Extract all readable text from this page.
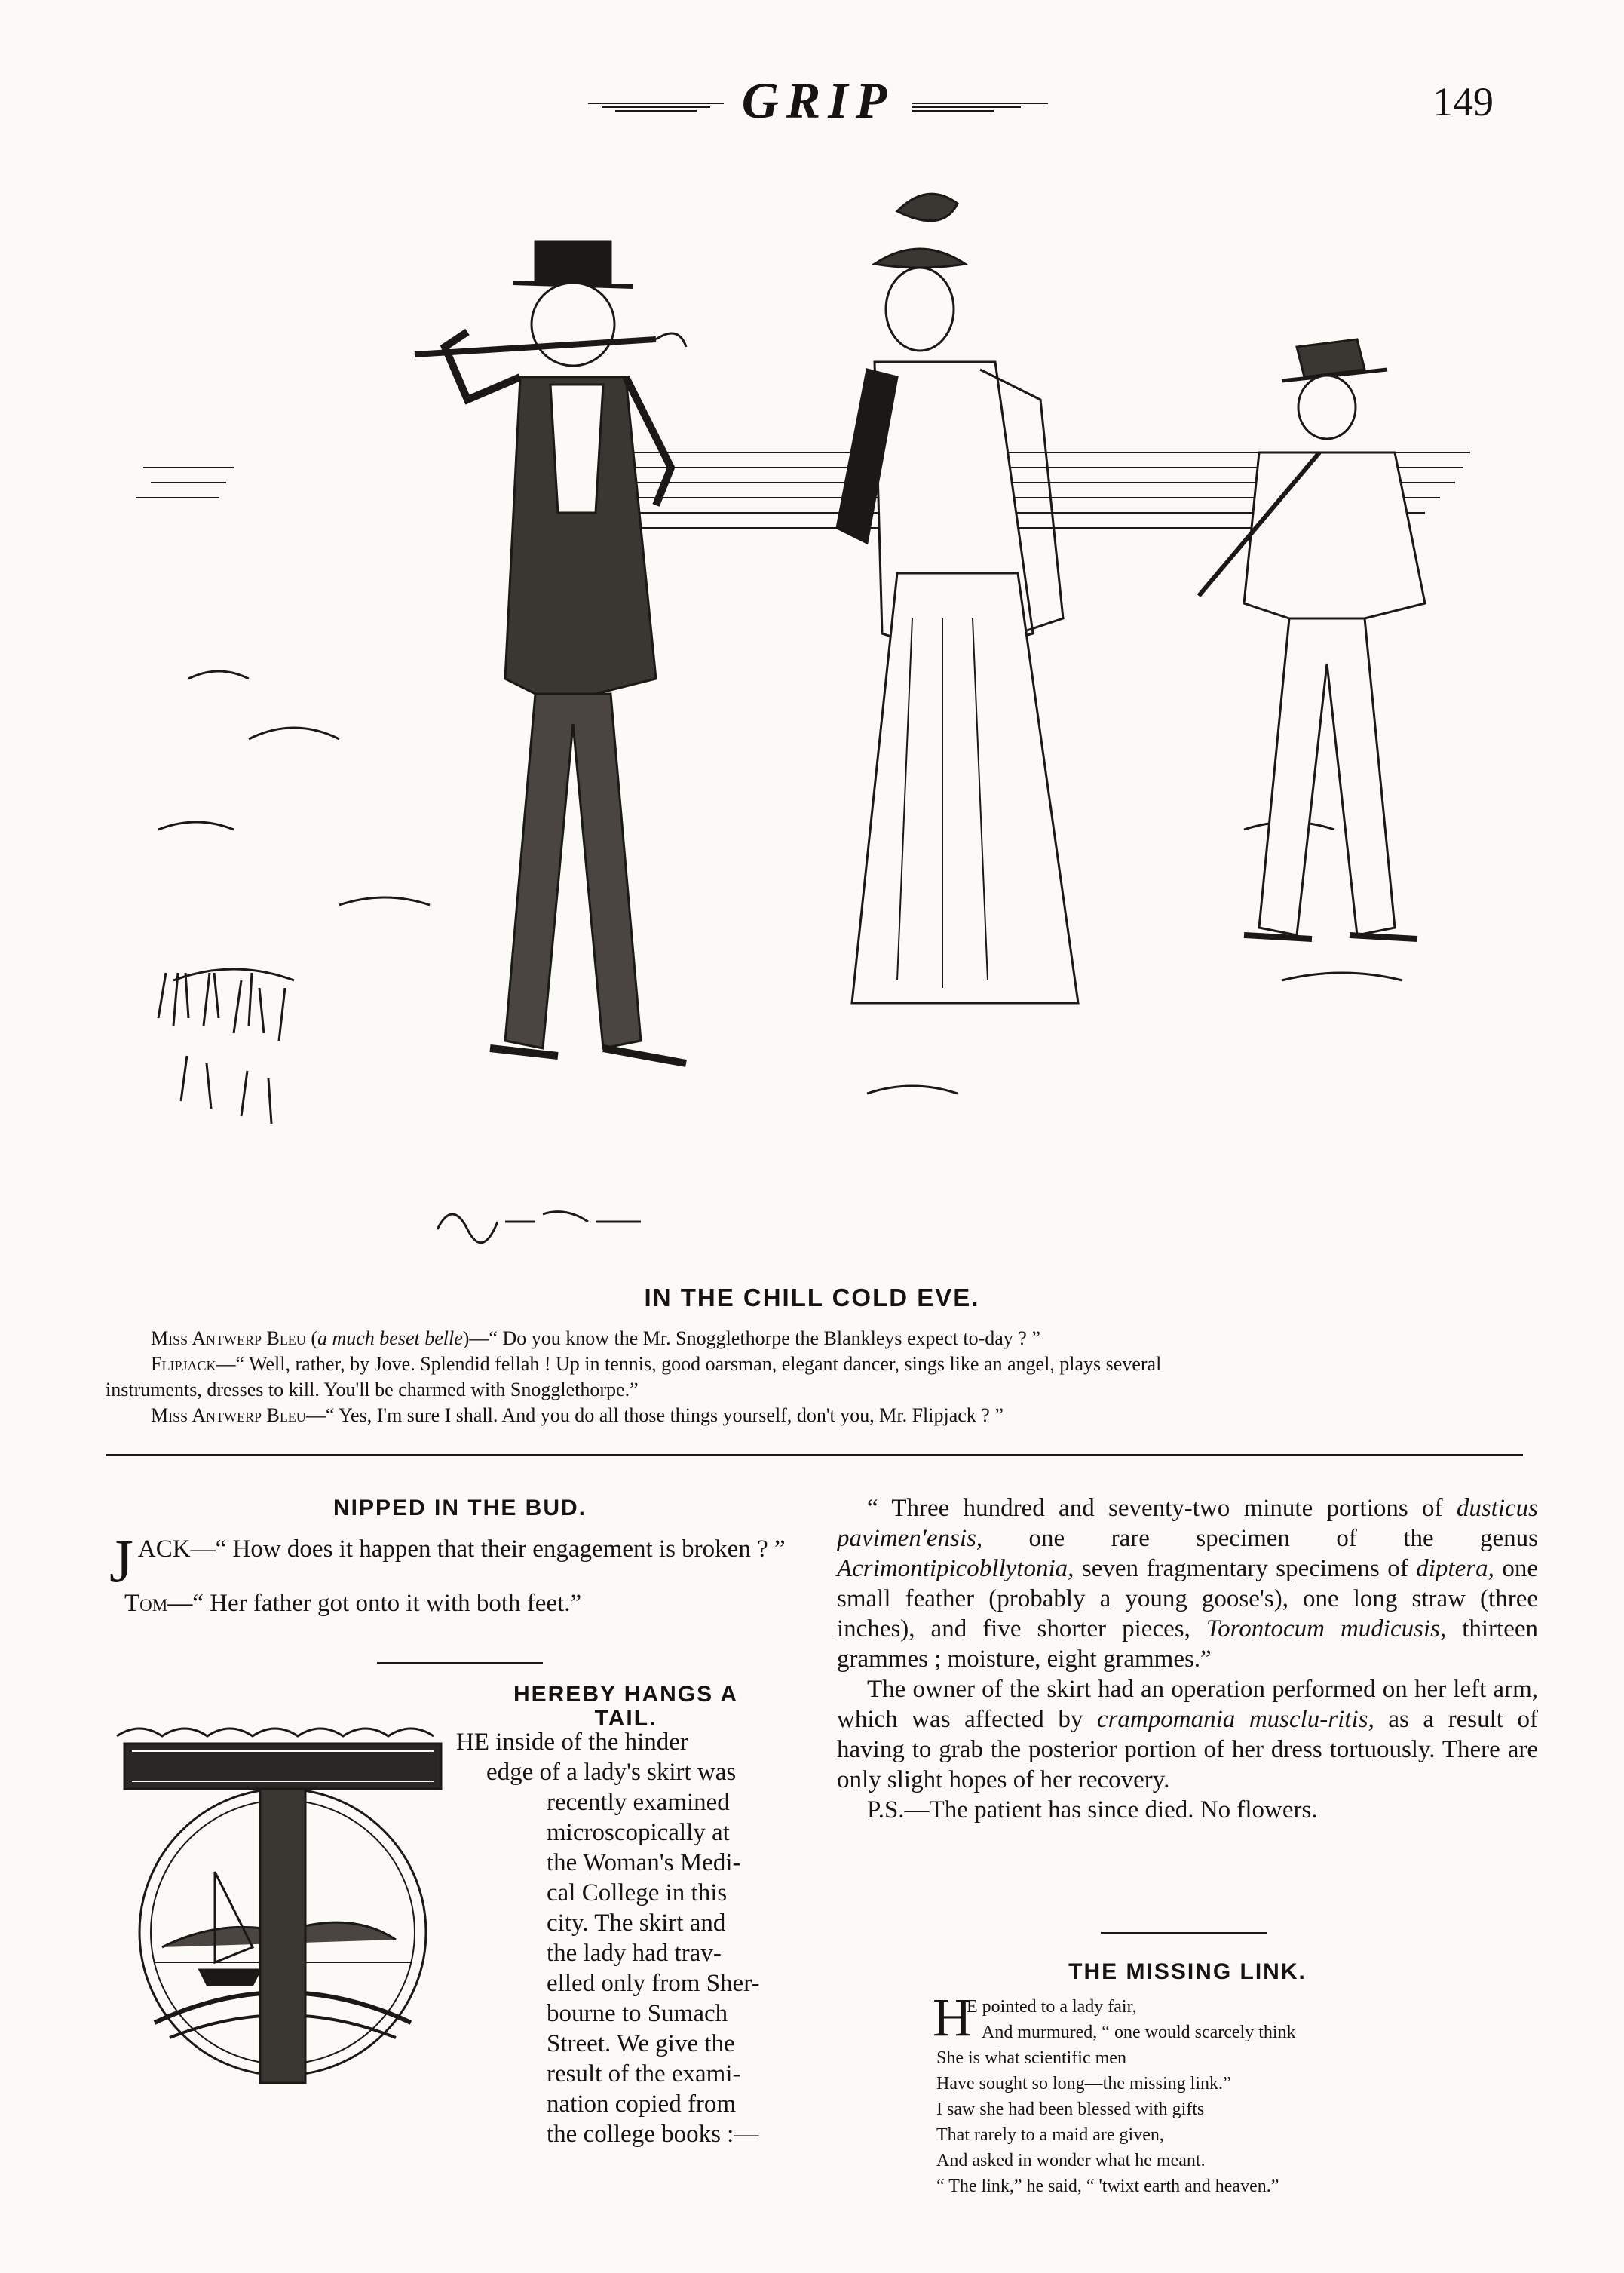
GRIP	149
IN THE CHILL COLD EVE.

Miss Antwerp Bleu (a much beset belle)—“ Do you know the Mr. Snogglethorpe the Blankleys expect to-day ? ”

Flipjack—“ Well, rather, by Jove. Splendid fellah ! Up in tennis, good oarsman, elegant dancer, sings like an angel, plays several

instruments, dresses to kill. You'll be charmed with Snogglethorpe.”

Miss Antwerp Bleu—“ Yes, I'm sure I shall. And you do all those things yourself, don't you, Mr. Flipjack ? ”

NIPPED IN THE BUD.

JACK—“ How does it happen that their engagement is broken ? ”

Tom—“ Her father got onto it with both feet.”

HEREBY HANGS A
TAIL.

HE inside of the hinder

edge of a lady's skirt was

recently examined

microscopically at

the Woman's Medi-

cal College in this

city. The skirt and

the lady had trav-

elled only from Sher-

bourne to Sumach

Street. We give the

result of the exami-

nation copied from

the college books :—

“ Three hundred and seventy-two minute portions of dusticus pavimen'ensis, one rare specimen of the genus Acrimontipicobllytonia, seven fragmentary specimens of diptera, one small feather (probably a young goose's), one long straw (three inches), and five shorter pieces, Torontocum mudicusis, thirteen grammes ; moisture, eight grammes.”

The owner of the skirt had an operation performed on her left arm, which was affected by crampomania musclu-ritis, as a result of having to grab the posterior portion of her dress tortuously. There are only slight hopes of her recovery.

P.S.—The patient has since died. No flowers.

THE MISSING LINK.
H

E pointed to a lady fair,

And murmured, “ one would scarcely think

She is what scientific men

Have sought so long—the missing link.”

I saw she had been blessed with gifts

That rarely to a maid are given,

And asked in wonder what he meant.

“ The link,” he said, “ 'twixt earth and heaven.”
